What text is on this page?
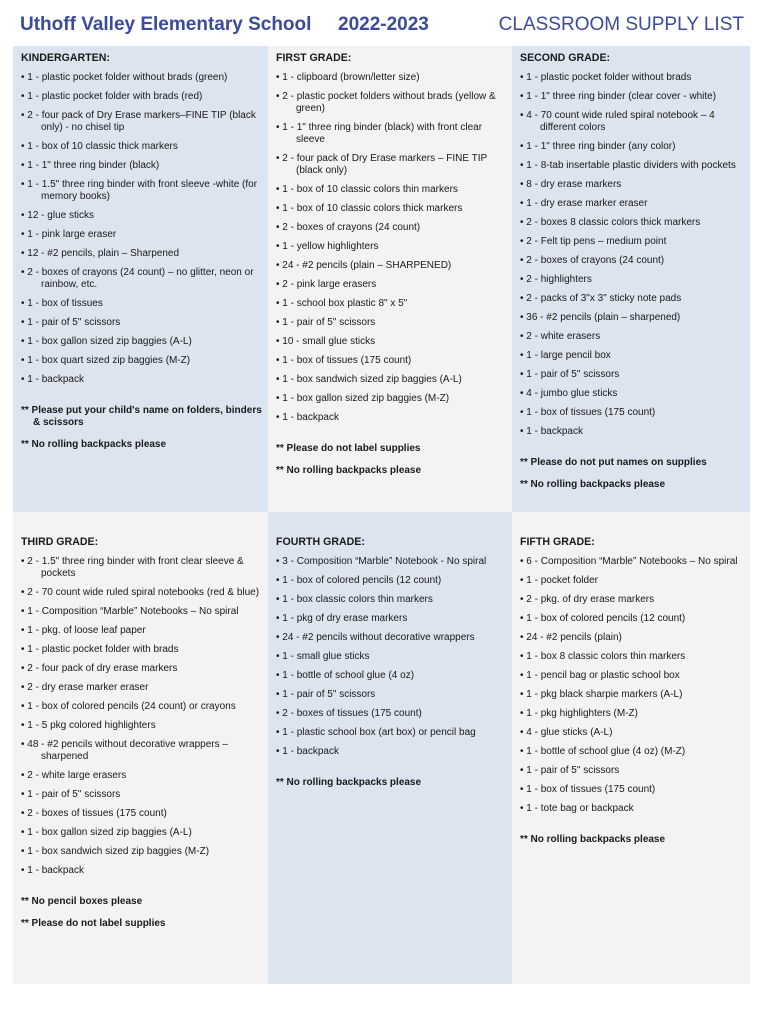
Uthoff Valley Elementary School 2022-2023	CLASSROOM SUPPLY LIST
KINDERGARTEN:
• 1 - plastic pocket folder without brads (green)
• 1 - plastic pocket folder with brads (red)
• 2 - four pack of Dry Erase markers–FINE TIP (black only) - no chisel tip
• 1 - box of 10 classic thick markers
• 1 - 1" three ring binder (black)
• 1 - 1.5" three ring binder with front sleeve -white (for memory books)
• 12 - glue sticks
• 1 - pink large eraser
• 12 - #2 pencils, plain – Sharpened
• 2 - boxes of crayons (24 count) – no glitter, neon or rainbow, etc.
• 1 - box of tissues
• 1 - pair of 5" scissors
• 1 - box gallon sized zip baggies (A-L)
• 1 - box quart sized zip baggies (M-Z)
• 1 - backpack
** Please put your child's name on folders, binders & scissors
** No rolling backpacks please
FIRST GRADE:
• 1 - clipboard (brown/letter size)
• 2 - plastic pocket folders without brads (yellow & green)
• 1 - 1" three ring binder (black) with front clear sleeve
• 2 - four pack of Dry Erase markers – FINE TIP (black only)
• 1 - box of 10 classic colors thin markers
• 1 - box of 10 classic colors thick markers
• 2 - boxes of crayons (24 count)
• 1 - yellow highlighters
• 24 - #2 pencils (plain – SHARPENED)
• 2 - pink large erasers
• 1 - school box plastic 8" x 5"
• 1 - pair of 5" scissors
• 10 - small glue sticks
• 1 - box of tissues (175 count)
• 1 - box sandwich sized zip baggies (A-L)
• 1 - box gallon sized zip baggies (M-Z)
• 1 - backpack
** Please do not label supplies
** No rolling backpacks please
SECOND GRADE:
• 1 - plastic pocket folder without brads
• 1 - 1" three ring binder (clear cover - white)
• 4 - 70 count wide ruled spiral notebook – 4 different colors
• 1 - 1" three ring binder (any color)
• 1 - 8-tab insertable plastic dividers with pockets
• 8 - dry erase markers
• 1 - dry erase marker eraser
• 2 - boxes 8 classic colors thick markers
• 2 - Felt tip pens – medium point
• 2 - boxes of crayons (24 count)
• 2 - highlighters
• 2 - packs of 3"x 3" sticky note pads
• 36 - #2 pencils (plain – sharpened)
• 2 - white erasers
• 1 - large pencil box
• 1 - pair of 5" scissors
• 4 - jumbo glue sticks
• 1 - box of tissues (175 count)
• 1 - backpack
** Please do not put names on supplies
** No rolling backpacks please
THIRD GRADE:
• 2 - 1.5" three ring binder with front clear sleeve & pockets
• 2 - 70 count wide ruled spiral notebooks (red & blue)
• 1 - Composition “Marble” Notebooks – No spiral
• 1 - pkg. of loose leaf paper
• 1 - plastic pocket folder with brads
• 2 - four pack of dry erase markers
• 2 - dry erase marker eraser
• 1 - box of colored pencils (24 count) or crayons
• 1 - 5 pkg colored highlighters
• 48 - #2 pencils without decorative wrappers – sharpened
• 2 - white large erasers
• 1 - pair of 5" scissors
• 2 - boxes of tissues (175 count)
• 1 - box gallon sized zip baggies (A-L)
• 1 - box sandwich sized zip baggies (M-Z)
• 1 - backpack
** No pencil boxes please
** Please do not label supplies
FOURTH GRADE:
• 3 - Composition “Marble” Notebook - No spiral
• 1 - box of colored pencils (12 count)
• 1 - box classic colors thin markers
• 1 - pkg of dry erase markers
• 24 - #2 pencils without decorative wrappers
• 1 - small glue sticks
• 1 - bottle of school glue (4 oz)
• 1 - pair of 5" scissors
• 2 - boxes of tissues (175 count)
• 1 - plastic school box (art box) or pencil bag
• 1 - backpack
** No rolling backpacks please
FIFTH GRADE:
• 6 - Composition “Marble” Notebooks – No spiral
• 1 - pocket folder
• 2 - pkg. of dry erase markers
• 1 - box of colored pencils (12 count)
• 24 - #2 pencils (plain)
• 1 - box 8 classic colors thin markers
• 1 - pencil bag or plastic school box
• 1 - pkg black sharpie markers (A-L)
• 1 - pkg highlighters (M-Z)
• 4 - glue sticks (A-L)
• 1 - bottle of school glue (4 oz) (M-Z)
• 1 - pair of 5" scissors
• 1 - box of tissues (175 count)
• 1 - tote bag or backpack
** No rolling backpacks please
